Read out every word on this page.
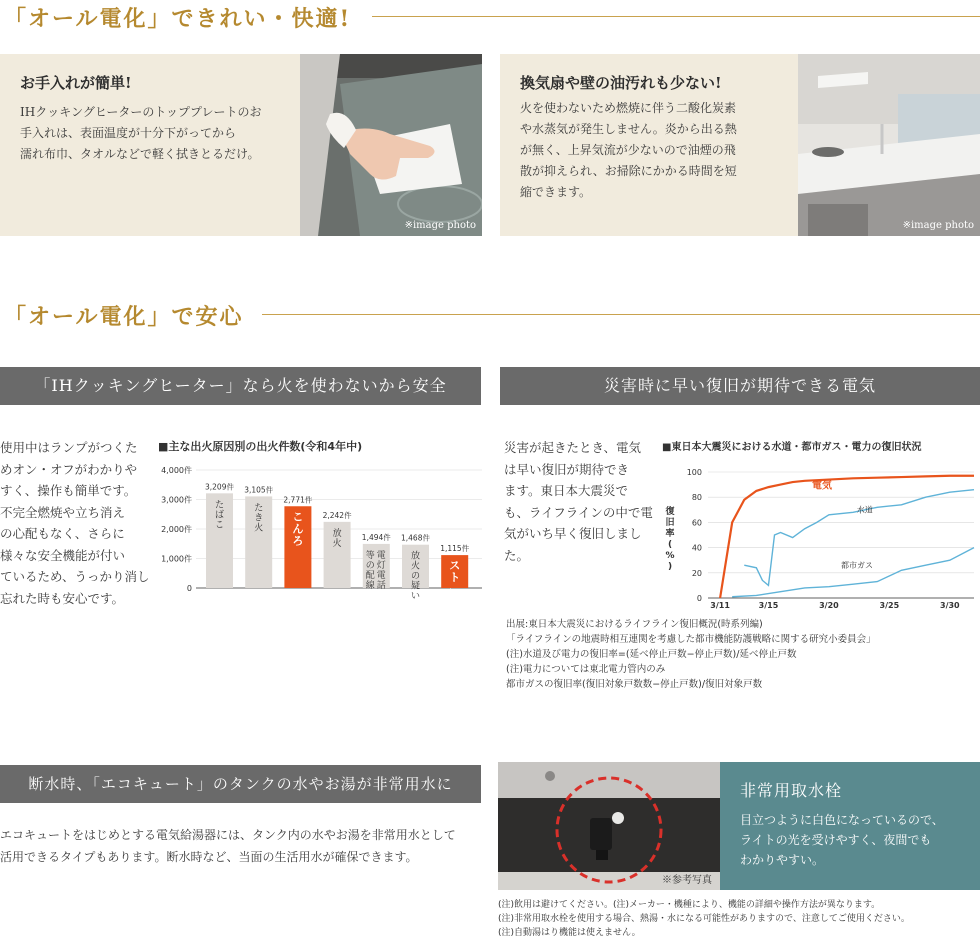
「オール電化」できれい・快適!
お手入れが簡単!
IHクッキングヒーターのトッププレートのお
手入れは、表面温度が十分下がってから
濡れ布巾、タオルなどで軽く拭きとるだけ。
※image photo
換気扇や壁の油汚れも少ない!
火を使わないため燃焼に伴う二酸化炭素
や水蒸気が発生しません。炎から出る熱
が無く、上昇気流が少ないので油煙の飛
散が抑えられ、お掃除にかかる時間を短
縮できます。
※image photo
「オール電化」で安心
「IHクッキングヒーター」なら火を使わないから安全	災害時に早い復旧が期待できる電気
使用中はランプがつくた
めオン・オフがわかりや
すく、操作も簡単です。
不完全燃焼や立ち消え
の心配もなく、さらに
様々な安全機能が付い
ているため、うっかり消し
忘れた時も安心です。
■主な出火原因別の出火件数(令和4年中)
4,000件
3,000件
2,000件
1,000件
0
3,209件
たばこ
3,105件
たき火
2,771件
こんろ
2,242件
放火
1,494件
電灯電話
等の配線
1,468件
放火の疑い
1,115件
ストーブ
災害が起きたとき、電気
は早い復旧が期待でき
ます。東日本大震災で
も、ライフラインの中で電
気がいち早く復旧しまし
た。
■東日本大震災における水道・都市ガス・電力の復旧状況
0
20
40
60
80
100
復旧率( % )
3/11	3/15	3/20	3/25	3/30
電気
水道
都市ガス
出展:東日本大震災におけるライフライン復旧概況(時系列編)
「ライフラインの地震時相互連関を考慮した都市機能防護戦略に関する研究小委員会」
(注)水道及び電力の復旧率=(延べ停止戸数−停止戸数)/延べ停止戸数
(注)電力については東北電力管内のみ
都市ガスの復旧率(復旧対象戸数数−停止戸数)/復旧対象戸数
断水時、「エコキュート」のタンクの水やお湯が非常用水に
エコキュートをはじめとする電気給湯器には、タンク内の水やお湯を非常用水として
活用できるタイプもあります。断水時など、当面の生活用水が確保できます。
※参考写真
非常用取水栓
目立つように白色になっているので、
ライトの光を受けやすく、夜間でも
わかりやすい。
(注)飲用は避けてください。(注)メーカー・機種により、機能の詳細や操作方法が異なります。
(注)非常用取水栓を使用する場合、熱湯・水になる可能性がありますので、注意してご使用ください。
(注)自動湯はり機能は使えません。
